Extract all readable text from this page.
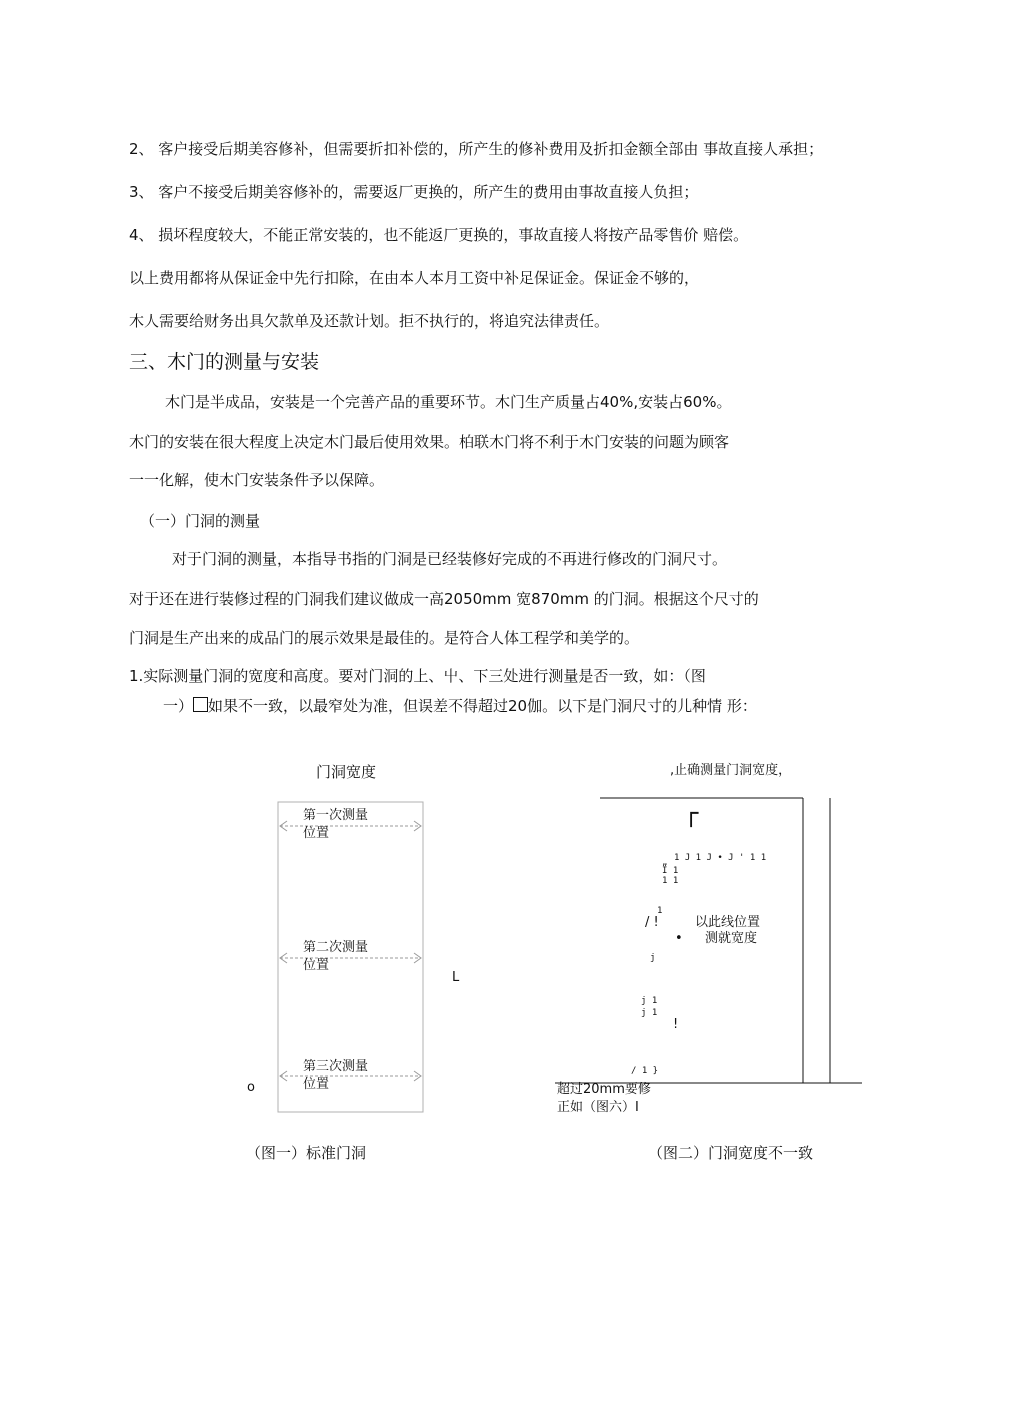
2、 客户接受后期美容修补，但需要折扣补偿的，所产生的修补费用及折扣金额全部由 事故直接人承担；
3、 客户不接受后期美容修补的，需要返厂更换的，所产生的费用由事故直接人负担；
4、 损坏程度较大，不能正常安装的，也不能返厂更换的，事故直接人将按产品零售价 赔偿。
以上费用都将从保证金中先行扣除，在由本人本月工资中补足保证金。保证金不够的，
木人需要给财务出具欠款单及还款计划。拒不执行的，将追究法律责任。
三、木门的测量与安装
木门是半成品，安装是一个完善产品的重要环节。木门生产质量占40%,安装占60%。
木门的安装在很大程度上决定木门最后使用效果。柏联木门将不利于木门安装的问题为顾客
一一化解，使木门安装条件予以保障。
（一）门洞的测量
对于门洞的测量，本指导书指的门洞是已经装修好完成的不再进行修改的门洞尺寸。
对于还在进行装修过程的门洞我们建议做成一高2050mm 宽870mm 的门洞。根据这个尺寸的
门洞是生产出来的成品门的展示效果是最佳的。是符合人体工程学和美学的。
1.实际测量门洞的宽度和高度。要对门洞的上、屮、下三处进行测量是否一致，如：（图
一） 如果不一致，以最窄处为准，但误差不得超过20伽。以下是门洞尺寸的儿种情 形：
门洞宽度
第一次测量
位置
第二次测量
位置
第三次测量
位置
o
L
（图一）标准门洞
,止确测量门洞宽度，
┌
1 J 1 J • J ' 1 1
„
I 1
1 1
1
/ !
•
以此线位置
测就宽度
j
j 1
j 1
!
/ 1 }
超过20mm要修
正如（图六）I
（图二）门洞宽度不一致
